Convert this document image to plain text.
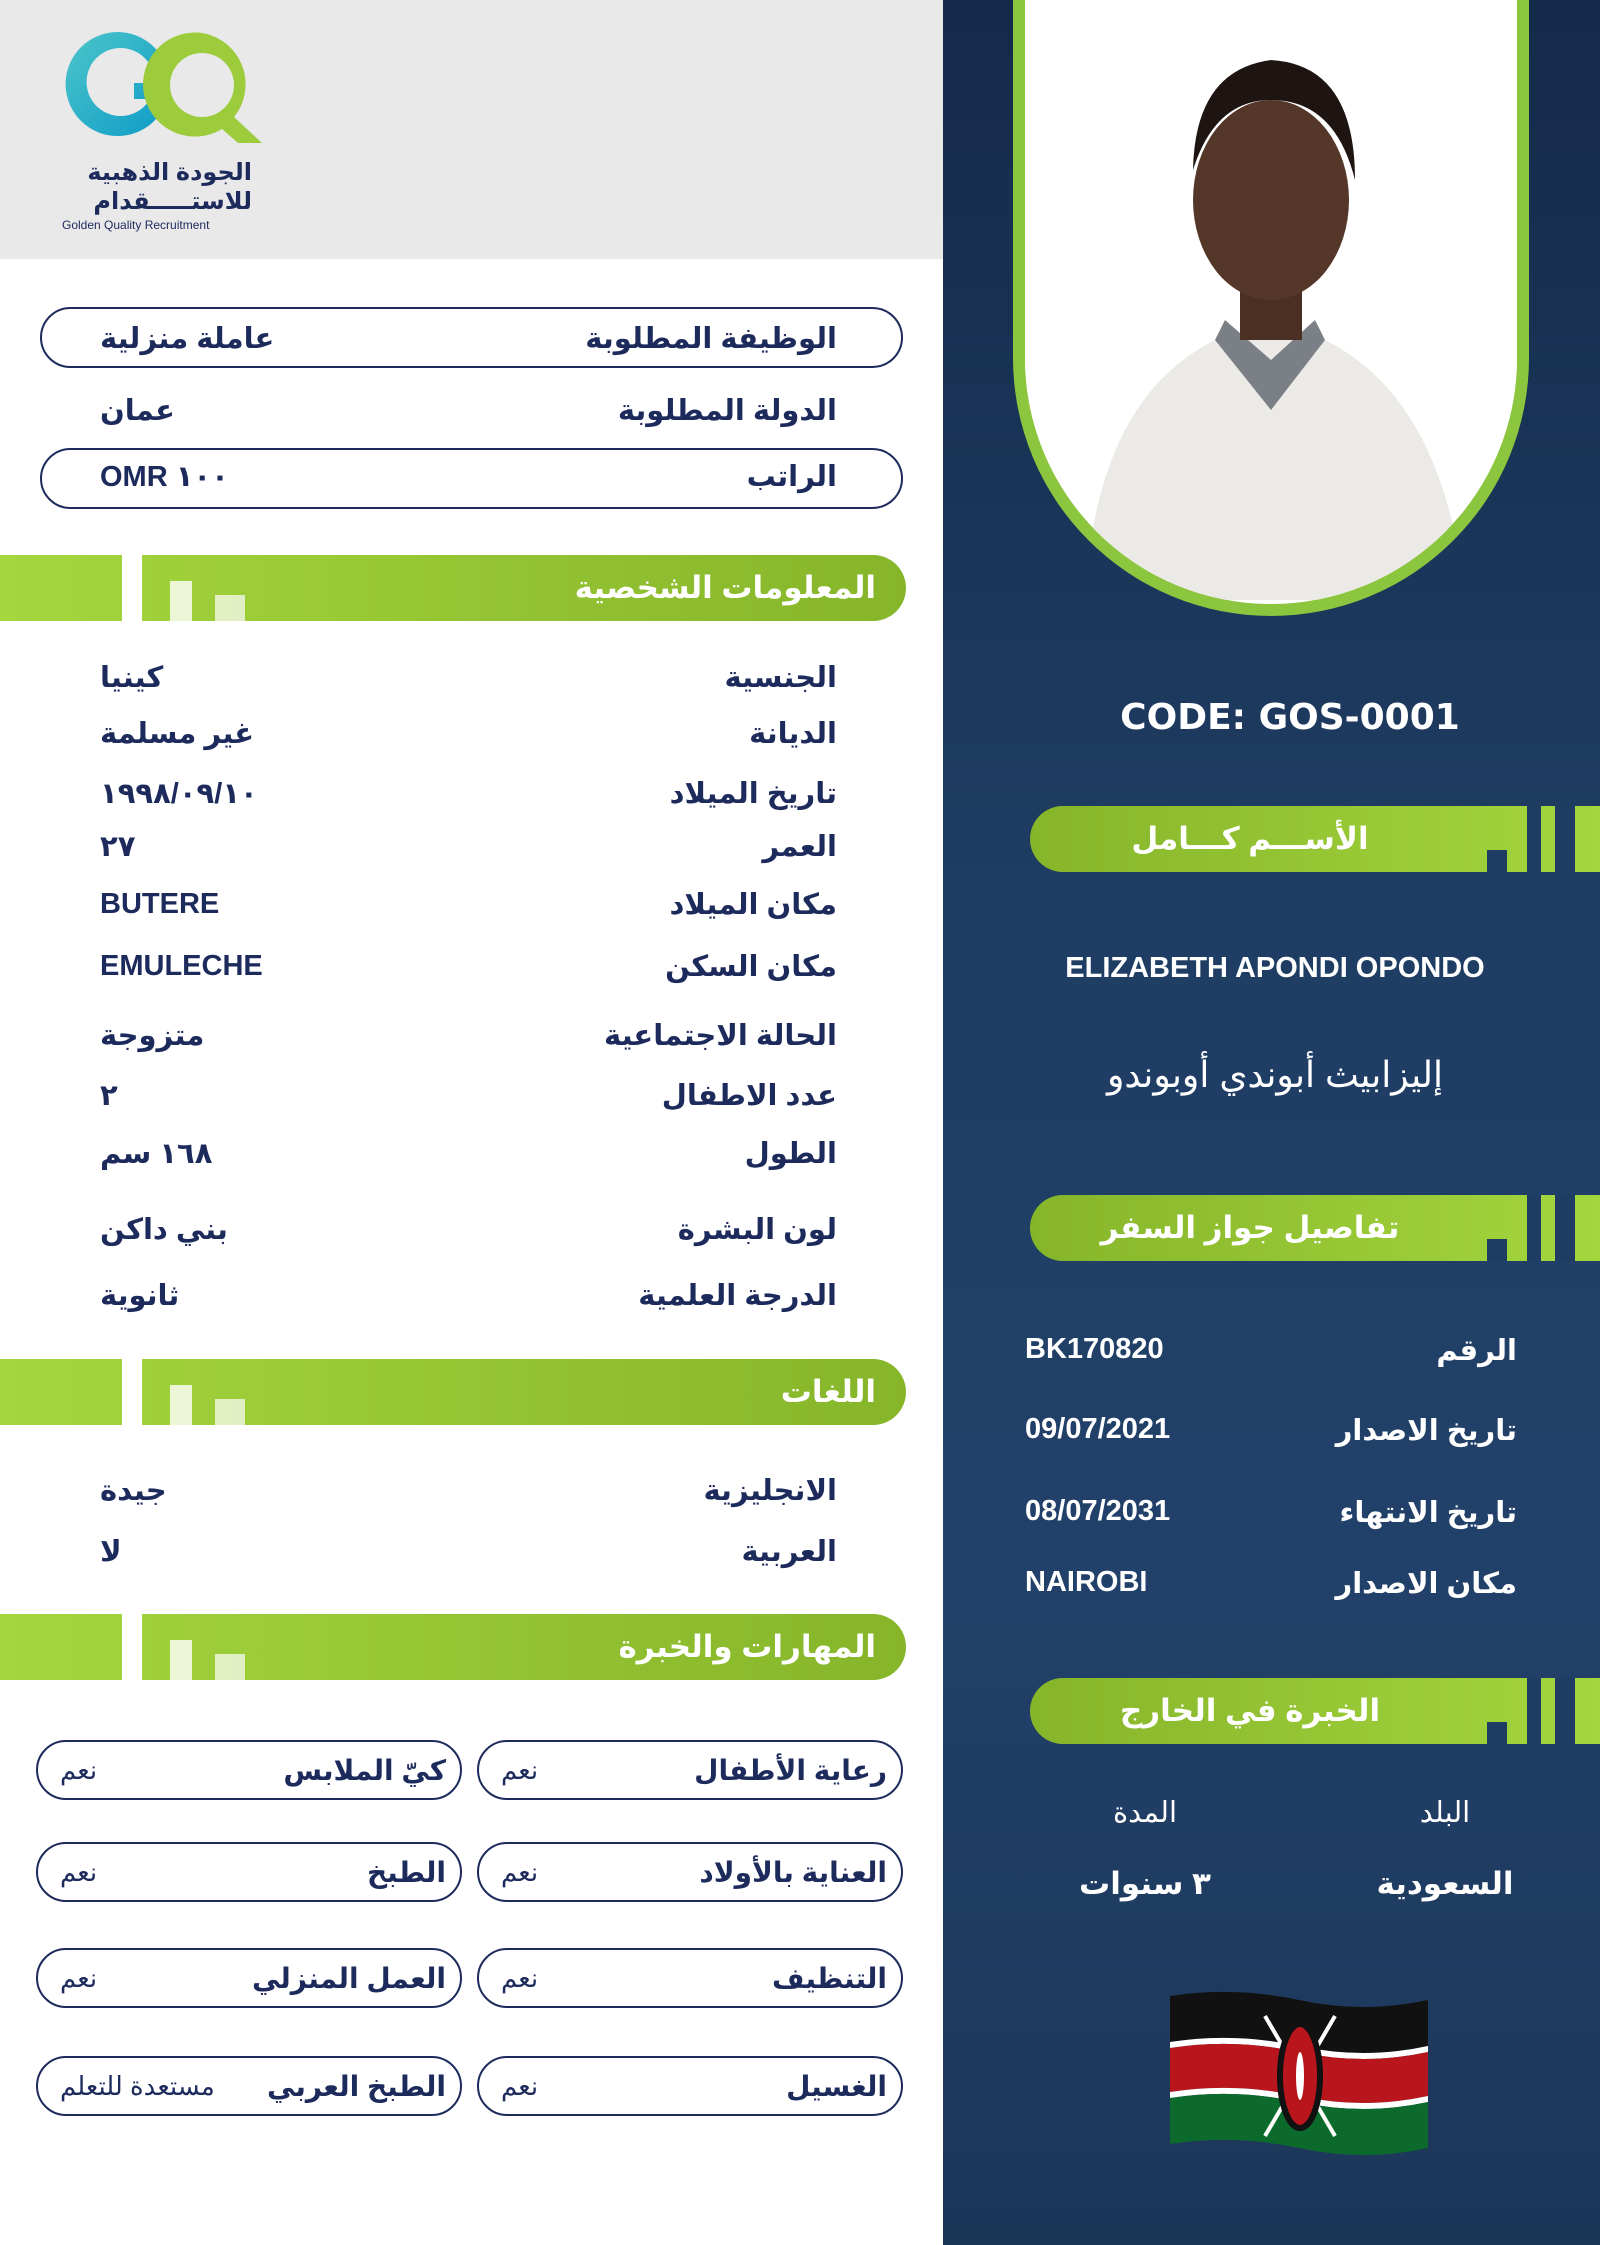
الجودة الذهبية
للاستـــــقدام
Golden Quality Recruitment
الوظيفة المطلوبة
عاملة منزلية
الدولة المطلوبة
عمان
الراتب
OMR ١٠٠
المعلومات الشخصية
الجنسية
كينيا
الديانة
غير مسلمة
تاريخ الميلاد
١٩٩٨/٠٩/١٠
العمر
٢٧
مكان الميلاد
BUTERE
مكان السكن
EMULECHE
الحالة الاجتماعية
متزوجة
عدد الاطفال
٢
الطول
١٦٨ سم
لون البشرة
بني داكن
الدرجة العلمية
ثانوية
اللغات
الانجليزية
جيدة
العربية
لا
المهارات والخبرة
رعاية الأطفال
نعم
كيّ الملابس
نعم
العناية بالأولاد
نعم
الطبخ
نعم
التنظيف
نعم
العمل المنزلي
نعم
الغسيل
نعم
الطبخ العربي
مستعدة للتعلم
CODE: GOS-0001
الأســـم كـــامل
ELIZABETH APONDI OPONDO
إليزابيث أبوندي أوبوندو
تفاصيل جواز السفر
الرقم
BK170820
تاريخ الاصدار
09/07/2021
تاريخ الانتهاء
08/07/2031
مكان الاصدار
NAIROBI
الخبرة في الخارج
البلد
المدة
السعودية
٣ سنوات
